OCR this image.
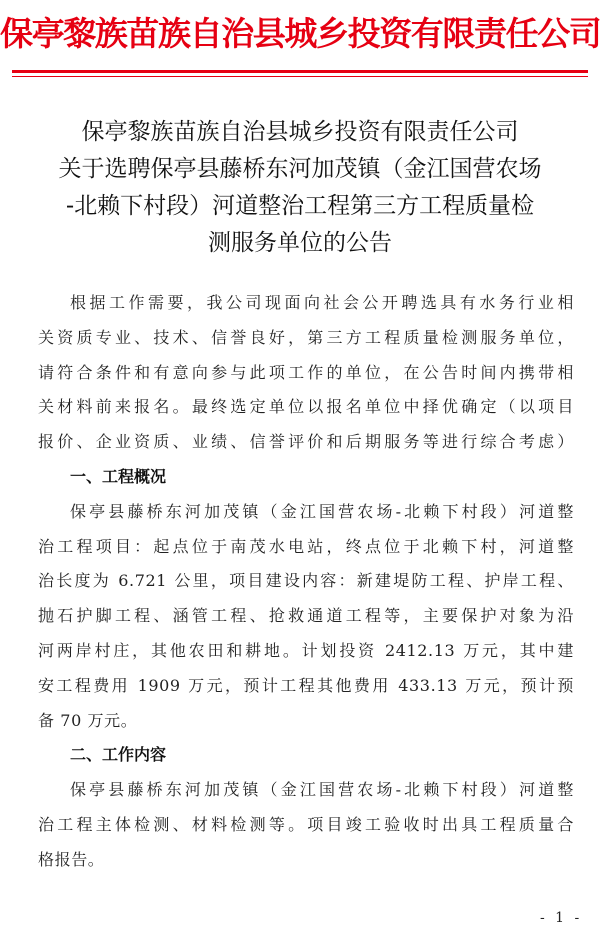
保亭黎族苗族自治县城乡投资有限责任公司
保亭黎族苗族自治县城乡投资有限责任公司
关于选聘保亭县藤桥东河加茂镇（金江国营农场
-北赖下村段）河道整治工程第三方工程质量检
测服务单位的公告
根据工作需要，我公司现面向社会公开聘选具有水务行业相
关资质专业、技术、信誉良好，第三方工程质量检测服务单位，
请符合条件和有意向参与此项工作的单位，在公告时间内携带相
关材料前来报名。最终选定单位以报名单位中择优确定（以项目
报价、企业资质、业绩、信誉评价和后期服务等进行综合考虑）
一、工程概况
保亭县藤桥东河加茂镇（金江国营农场-北赖下村段）河道整
治工程项目：起点位于南茂水电站，终点位于北赖下村，河道整
治长度为 6.721 公里，项目建设内容：新建堤防工程、护岸工程、
抛石护脚工程、涵管工程、抢救通道工程等，主要保护对象为沿
河两岸村庄，其他农田和耕地。计划投资 2412.13 万元，其中建
安工程费用 1909 万元，预计工程其他费用 433.13 万元，预计预
备 70 万元。
二、工作内容
保亭县藤桥东河加茂镇（金江国营农场-北赖下村段）河道整
治工程主体检测、材料检测等。项目竣工验收时出具工程质量合
格报告。
- 1 -
